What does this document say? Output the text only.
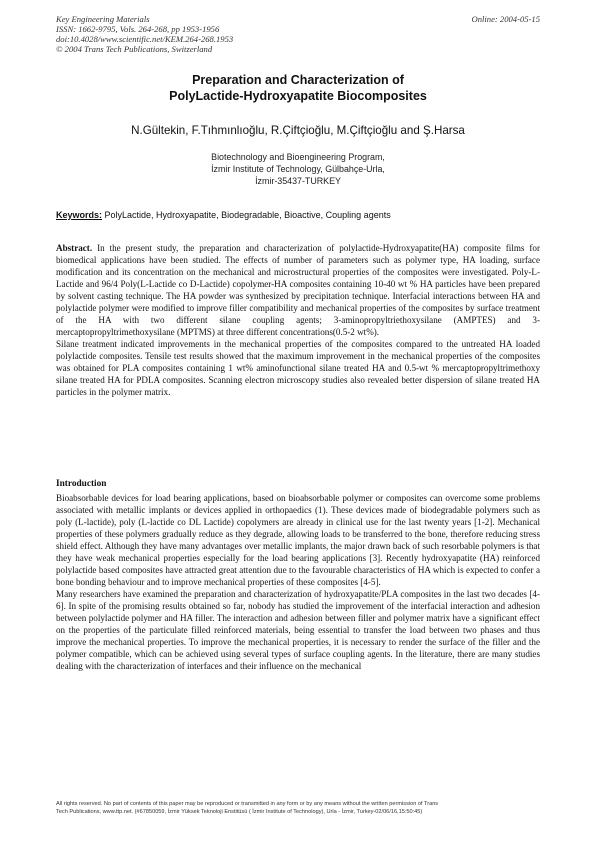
Key Engineering Materials
ISSN: 1662-9795, Vols. 264-268, pp 1953-1956
doi:10.4028/www.scientific.net/KEM.264-268.1953
© 2004 Trans Tech Publications, Switzerland
Online: 2004-05-15
Preparation and Characterization of
PolyLactide-Hydroxyapatite Biocomposites
N.Gültekin, F.Tıhmınlıoğlu, R.Çiftçioğlu, M.Çiftçioğlu and Ş.Harsa
Biotechnology and Bioengineering Program,
İzmir Institute of Technology, Gülbahçe-Urla,
İzmir-35437-TURKEY
Keywords: PolyLactide, Hydroxyapatite, Biodegradable, Bioactive, Coupling agents

Abstract. In the present study, the preparation and characterization of polylactide-Hydroxyapatite(HA) composite films for biomedical applications have been studied. The effects of number of parameters such as polymer type, HA loading, surface modification and its concentration on the mechanical and microstructural properties of the composites were investigated. Poly-L-Lactide and 96/4 Poly(L-Lactide co D-Lactide) copolymer-HA composites containing 10-40 wt % HA particles have been prepared by solvent casting technique. The HA powder was synthesized by precipitation technique. Interfacial interactions between HA and polylactide polymer were modified to improve filler compatibility and mechanical properties of the composites by surface treatment of the HA with two different silane coupling agents; 3-aminopropyltriethoxysilane (AMPTES) and 3-mercaptopropyltrimethoxysilane (MPTMS) at three different concentrations(0.5-2 wt%).

Silane treatment indicated improvements in the mechanical properties of the composites compared to the untreated HA loaded polylactide composites. Tensile test results showed that the maximum improvement in the mechanical properties of the composites was obtained for PLA composites containing 1 wt% aminofunctional silane treated HA and 0.5-wt % mercaptopropyltrimethoxy silane treated HA for PDLA composites. Scanning electron microscopy studies also revealed better dispersion of silane treated HA particles in the polymer matrix.

Introduction

Bioabsorbable devices for load bearing applications, based on bioabsorbable polymer or composites can overcome some problems associated with metallic implants or devices applied in orthopaedics (1). These devices made of biodegradable polymers such as poly (L-lactide), poly (L-lactide co DL Lactide) copolymers are already in clinical use for the last twenty years [1-2]. Mechanical properties of these polymers gradually reduce as they degrade, allowing loads to be transferred to the bone, therefore reducing stress shield effect. Although they have many advantages over metallic implants, the major drawn back of such resorbable polymers is that they have weak mechanical properties especially for the load bearing applications [3]. Recently hydroxyapatite (HA) reinforced polylactide based composites have attracted great attention due to the favourable characteristics of HA which is expected to confer a bone bonding behaviour and to improve mechanical properties of these composites [4-5].

Many researchers have examined the preparation and characterization of hydroxyapatite/PLA composites in the last two decades [4-6]. In spite of the promising results obtained so far, nobody has studied the improvement of the interfacial interaction and adhesion between polylactide polymer and HA filler. The interaction and adhesion between filler and polymer matrix have a significant effect on the properties of the particulate filled reinforced materials, being essential to transfer the load between two phases and thus improve the mechanical properties. To improve the mechanical properties, it is necessary to render the surface of the filler and the polymer compatible, which can be achieved using several types of surface coupling agents. In the literature, there are many studies dealing with the characterization of interfaces and their influence on the mechanical

All rights reserved. No part of contents of this paper may be reproduced or transmitted in any form or by any means without the written permission of Trans
Tech Publications, www.ttp.net. (#67850059, İzmir Yüksek Teknoloji Enstitüsü ( İzmir Institute of Technology), Urla - İzmir, Turkey-02/06/16,15:50:45)
